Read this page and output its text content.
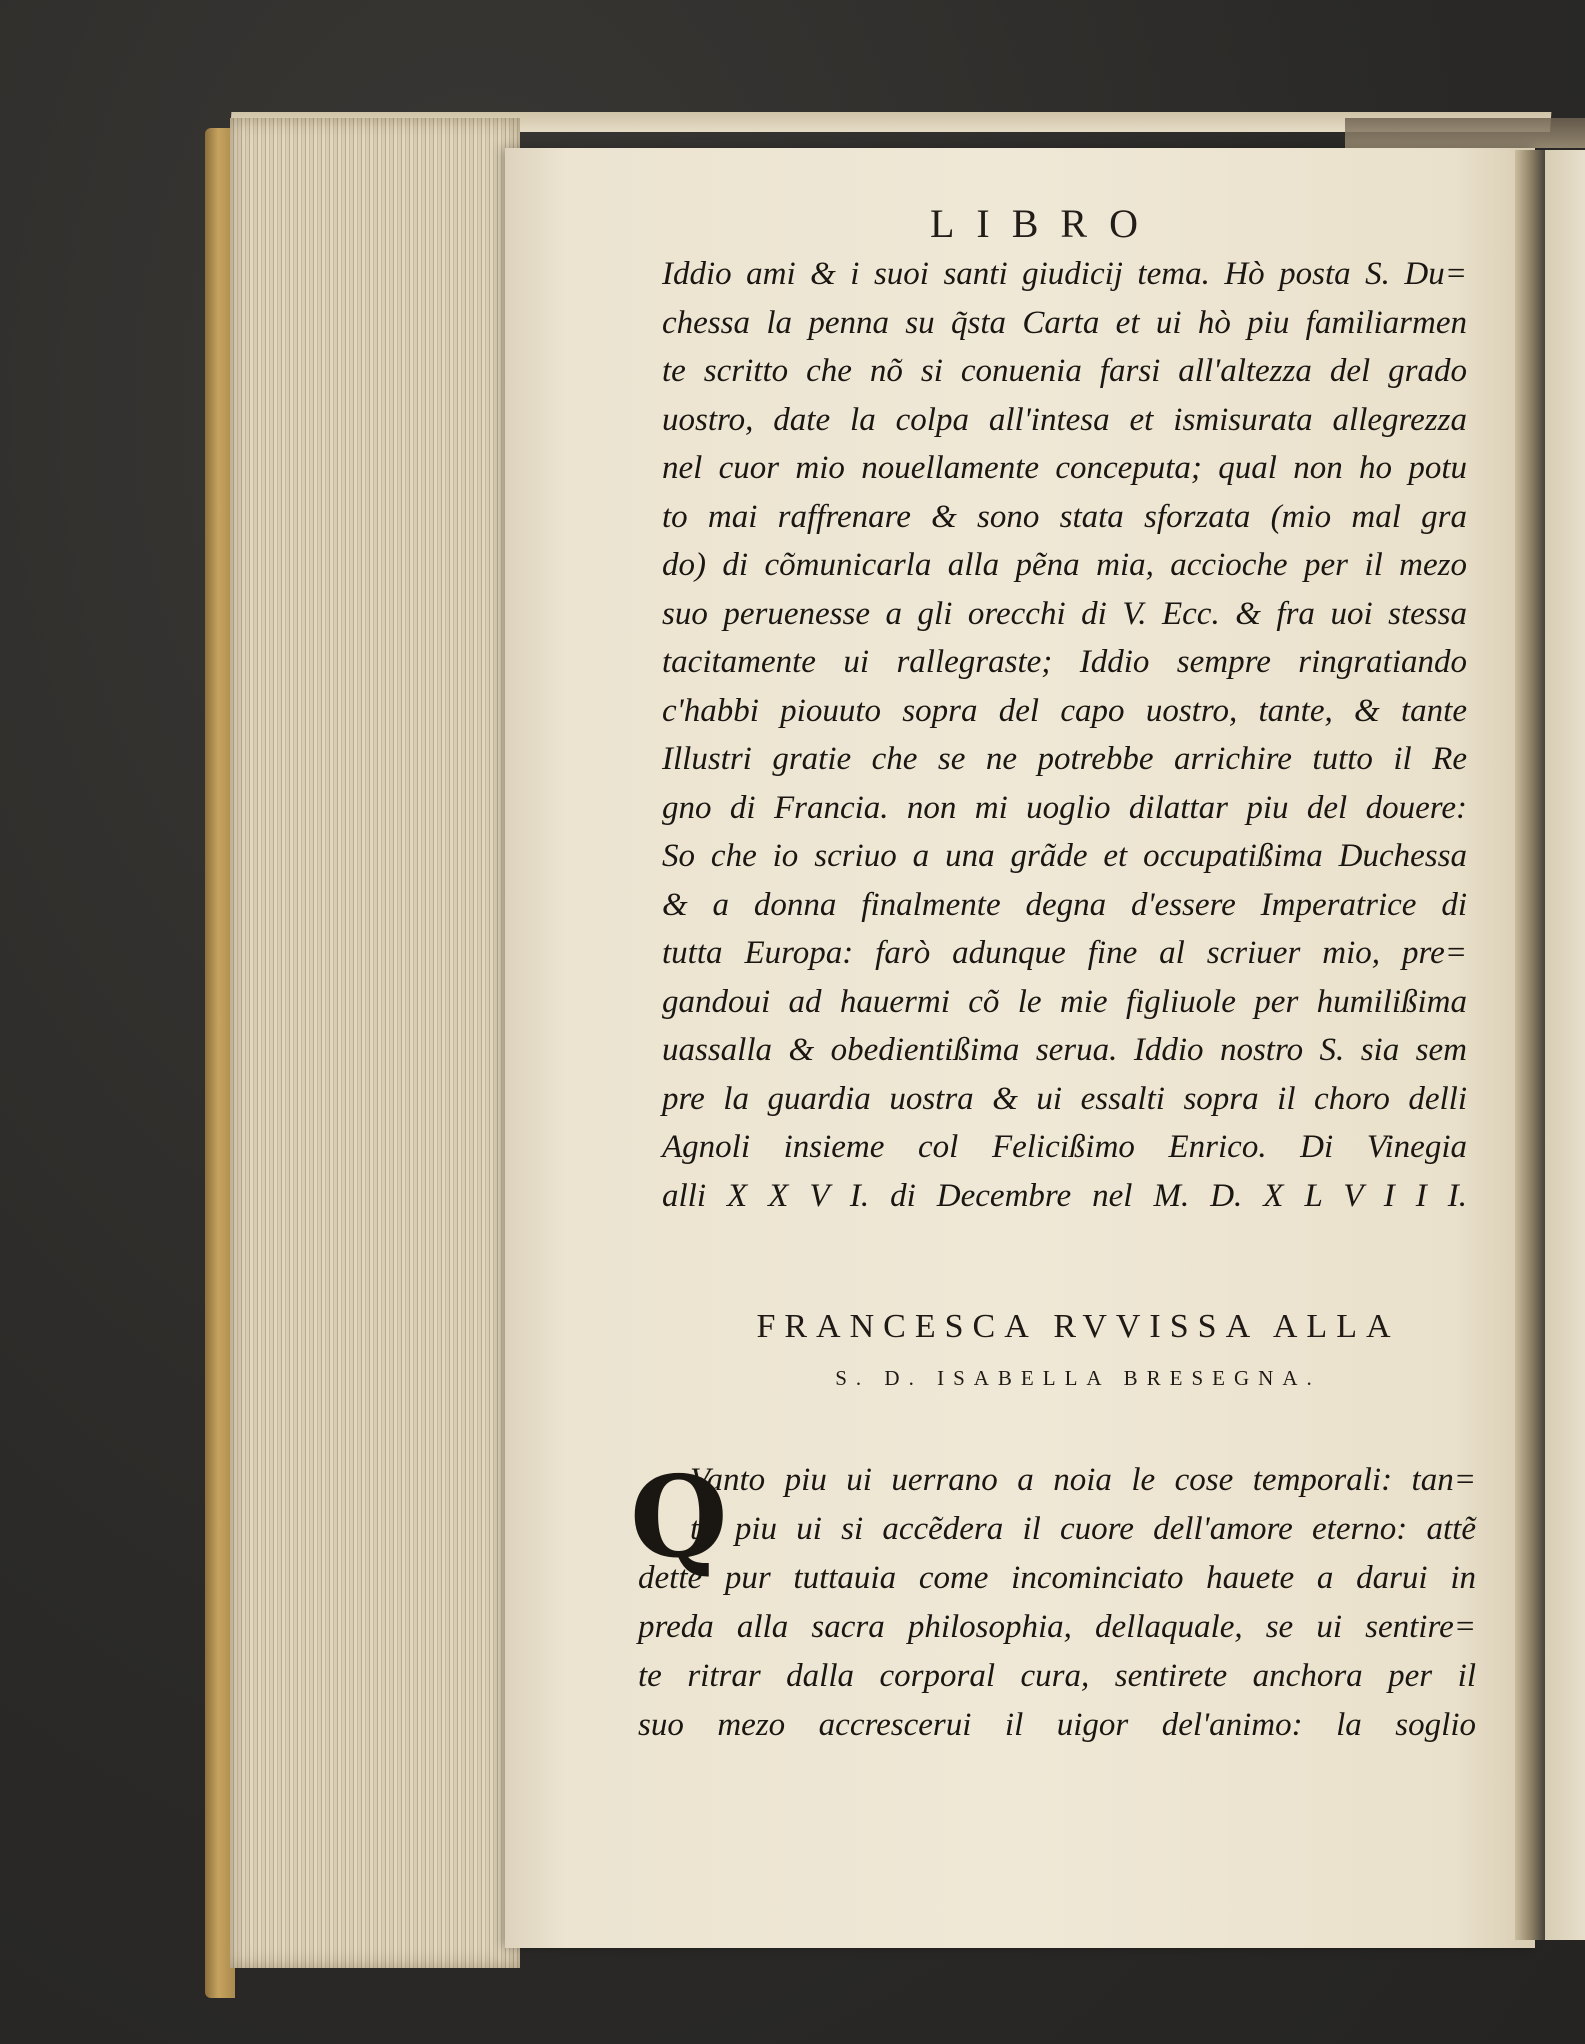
LIBRO
Iddio ami & i suoi santi giudicij tema. Hò posta S. Du=
chessa la penna su q̃sta Carta et ui hò piu familiarmen
te scritto che nõ si conuenia farsi all'altezza del grado
uostro, date la colpa all'intesa et ismisurata allegrezza
nel cuor mio nouellamente conceputa; qual non ho potu
to mai raffrenare & sono stata sforzata (mio mal gra
do) di cõmunicarla alla pẽna mia, accioche per il mezo
suo peruenesse a gli orecchi di V. Ecc. & fra uoi stessa
tacitamente ui rallegraste; Iddio sempre ringratiando
c'habbi piouuto sopra del capo uostro, tante, & tante
Illustri gratie che se ne potrebbe arrichire tutto il Re
gno di Francia. non mi uoglio dilattar piu del douere:
So che io scriuo a una grãde et occupatißima Duchessa
& a donna finalmente degna d'essere Imperatrice di
tutta Europa: farò adunque fine al scriuer mio, pre=
gandoui ad hauermi cõ le mie figliuole per humilißima
uassalla & obedientißima serua. Iddio nostro S. sia sem
pre la guardia uostra & ui essalti sopra il choro delli
Agnoli insieme col Felicißimo Enrico. Di Vinegia
alli X X V I. di Decembre nel M. D. X L V I I I.
FRANCESCA RVVISSA ALLA
S. D. ISABELLA BRESEGNA.
Q
Vanto piu ui uerrano a noia le cose temporali: tan=
to piu ui si accẽdera il cuore dell'amore eterno: attẽ
dette pur tuttauia come incominciato hauete a darui in
preda alla sacra philosophia, dellaquale, se ui sentire=
te ritrar dalla corporal cura, sentirete anchora per il
suo mezo accrescerui il uigor del'animo: la soglio
